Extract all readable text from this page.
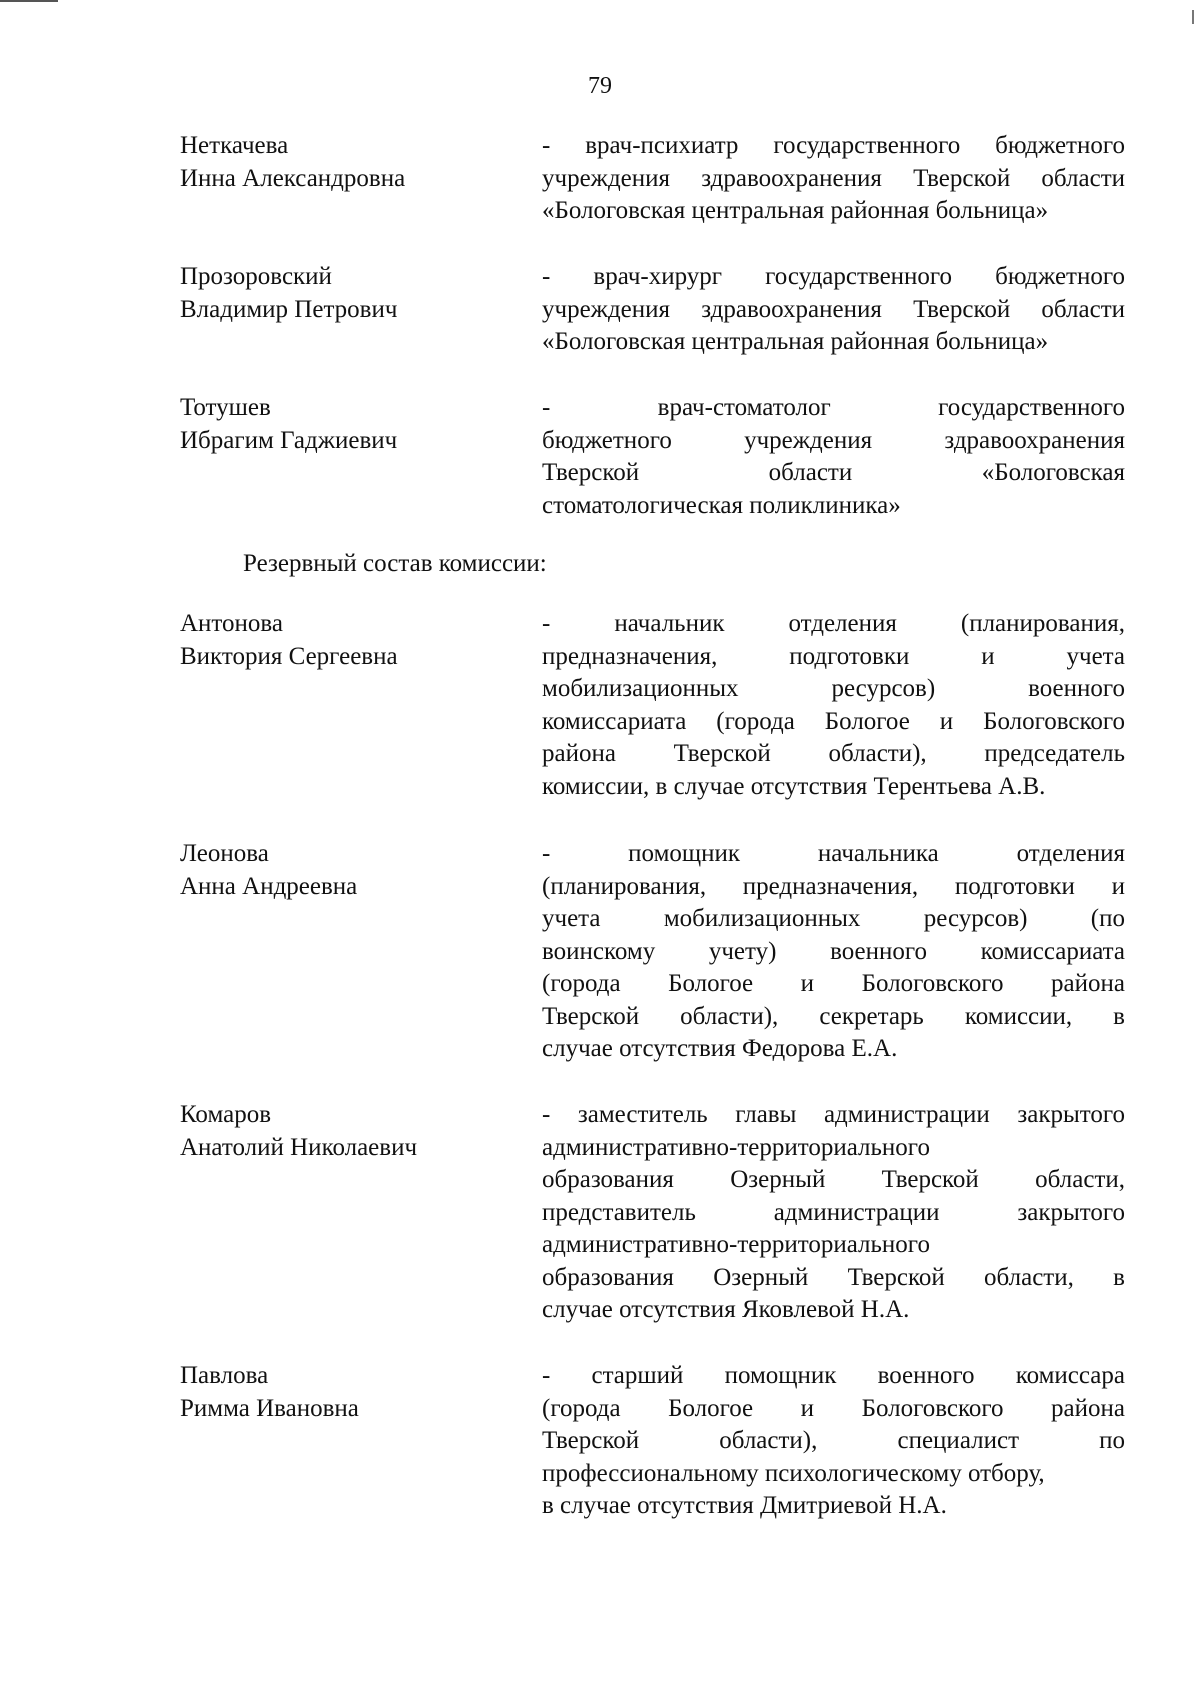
79
Неткачева
Инна Александровна
- врач-психиатр государственного бюджетного
учреждения здравоохранения Тверской области
«Бологовская центральная районная больница»
Прозоровский
Владимир Петрович
- врач-хирург государственного бюджетного
учреждения здравоохранения Тверской области
«Бологовская центральная районная больница»
Тотушев
Ибрагим Гаджиевич
- врач-стоматолог государственного
бюджетного учреждения здравоохранения
Тверской области «Бологовская
стоматологическая поликлиника»
Резервный состав комиссии:
Антонова
Виктория Сергеевна
- начальник отделения (планирования,
предназначения, подготовки и учета
мобилизационных ресурсов) военного
комиссариата (города Бологое и Бологовского
района Тверской области), председатель
комиссии, в случае отсутствия Терентьева А.В.
Леонова
Анна Андреевна
- помощник начальника отделения
(планирования, предназначения, подготовки и
учета мобилизационных ресурсов) (по
воинскому учету) военного комиссариата
(города Бологое и Бологовского района
Тверской области), секретарь комиссии, в
случае отсутствия Федорова Е.А.
Комаров
Анатолий Николаевич
- заместитель главы администрации закрытого
административно-территориального
образования Озерный Тверской области,
представитель администрации закрытого
административно-территориального
образования Озерный Тверской области, в
случае отсутствия Яковлевой Н.А.
Павлова
Римма Ивановна
- старший помощник военного комиссара
(города Бологое и Бологовского района
Тверской области), специалист по
профессиональному психологическому отбору,
в случае отсутствия Дмитриевой Н.А.
